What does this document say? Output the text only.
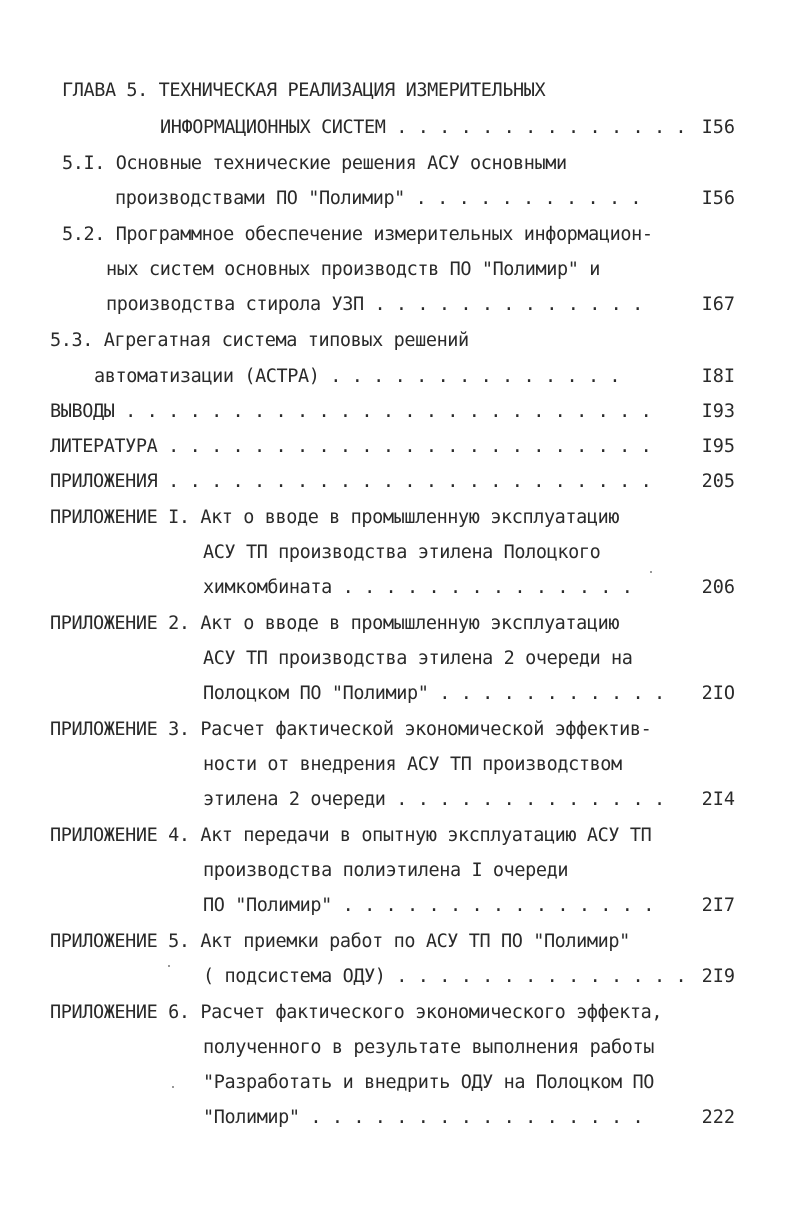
ГЛАВА 5. ТЕХНИЧЕСКАЯ РЕАЛИЗАЦИЯ ИЗМЕРИТЕЛЬНЫХ
ИНФОРМАЦИОННЫХ СИСТЕМ . . . . . . . . . . . . . . I56
5.I. Основные технические решения АСУ основными
производствами ПО "Полимир" . . . . . . . . . . .	I56
5.2. Программное обеспечение измерительных информацион-
ных систем основных производств ПО "Полимир" и
производства стирола УЗП . . . . . . . . . . . . .	I67
5.3. Агрегатная система типовых решений
автоматизации (АСТРА) . . . . . . . . . . . . . .	I8I
ВЫВОДЫ . . . . . . . . . . . . . . . . . . . . . . . . .	I93
ЛИТЕРАТУРА . . . . . . . . . . . . . . . . . . . . . . .	I95
ПРИЛОЖЕНИЯ . . . . . . . . . . . . . . . . . . . . . . .	205
ПРИЛОЖЕНИЕ I. Акт о вводе в промышленную эксплуатацию
АСУ ТП производства этилена Полоцкого
химкомбината . . . . . . . . . . . . . .	206
ПРИЛОЖЕНИЕ 2. Акт о вводе в промышленную эксплуатацию
АСУ ТП производства этилена 2 очереди на
Полоцком ПО "Полимир" . . . . . . . . . . . 2IO
ПРИЛОЖЕНИЕ 3. Расчет фактической экономической эффектив-
ности от внедрения АСУ ТП производством
этилена 2 очереди . . . . . . . . . . . . . 2I4
ПРИЛОЖЕНИЕ 4. Акт передачи в опытную эксплуатацию АСУ ТП
производства полиэтилена I очереди
ПО "Полимир" . . . . . . . . . . . . . . .	2I7
ПРИЛОЖЕНИЕ 5. Акт приемки работ по АСУ ТП ПО "Полимир"
( подсистема ОДУ) . . . . . . . . . . . . . . 2I9
ПРИЛОЖЕНИЕ 6. Расчет фактического экономического эффекта,
полученного в результате выполнения работы
"Разработать и внедрить ОДУ на Полоцком ПО
"Полимир" . . . . . . . . . . . . . . . .	222
